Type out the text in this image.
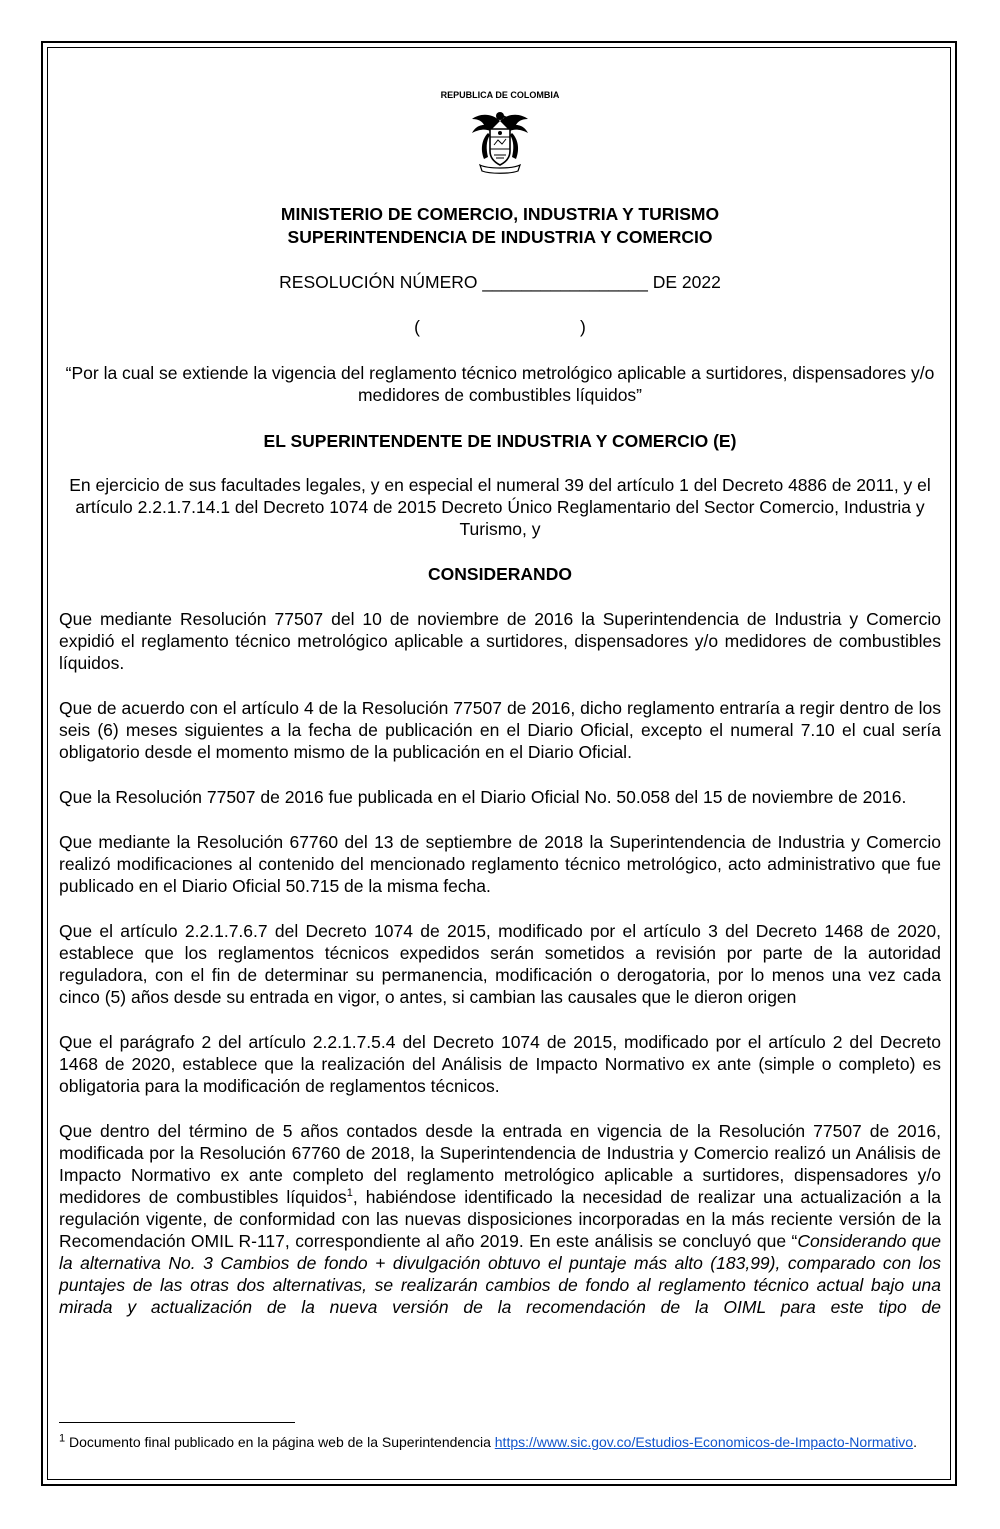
REPUBLICA DE COLOMBIA

MINISTERIO DE COMERCIO, INDUSTRIA Y TURISMO
SUPERINTENDENCIA DE INDUSTRIA Y COMERCIO

RESOLUCIÓN NÚMERO _________________ DE 2022

(	)

“Por la cual se extiende la vigencia del reglamento técnico metrológico aplicable a surtidores, dispensadores y/o medidores de combustibles líquidos”

EL SUPERINTENDENTE DE INDUSTRIA Y COMERCIO (E)

En ejercicio de sus facultades legales, y en especial el numeral 39 del artículo 1 del Decreto 4886 de 2011, y el artículo 2.2.1.7.14.1 del Decreto 1074 de 2015 Decreto Único Reglamentario del Sector Comercio, Industria y Turismo, y

CONSIDERANDO

Que mediante Resolución 77507 del 10 de noviembre de 2016 la Superintendencia de Industria y Comercio expidió el reglamento técnico metrológico aplicable a surtidores, dispensadores y/o medidores de combustibles líquidos.

Que de acuerdo con el artículo 4 de la Resolución 77507 de 2016, dicho reglamento entraría a regir dentro de los seis (6) meses siguientes a la fecha de publicación en el Diario Oficial, excepto el numeral 7.10 el cual sería obligatorio desde el momento mismo de la publicación en el Diario Oficial.

Que la Resolución 77507 de 2016 fue publicada en el Diario Oficial No. 50.058 del 15 de noviembre de 2016.

Que mediante la Resolución 67760 del 13 de septiembre de 2018 la Superintendencia de Industria y Comercio realizó modificaciones al contenido del mencionado reglamento técnico metrológico, acto administrativo que fue publicado en el Diario Oficial 50.715 de la misma fecha.

Que el artículo 2.2.1.7.6.7 del Decreto 1074 de 2015, modificado por el artículo 3 del Decreto 1468 de 2020, establece que los reglamentos técnicos expedidos serán sometidos a revisión por parte de la autoridad reguladora, con el fin de determinar su permanencia, modificación o derogatoria, por lo menos una vez cada cinco (5) años desde su entrada en vigor, o antes, si cambian las causales que le dieron origen

Que el parágrafo 2 del artículo 2.2.1.7.5.4 del Decreto 1074 de 2015, modificado por el artículo 2 del Decreto 1468 de 2020, establece que la realización del Análisis de Impacto Normativo ex ante (simple o completo) es obligatoria para la modificación de reglamentos técnicos.

Que dentro del término de 5 años contados desde la entrada en vigencia de la Resolución 77507 de 2016, modificada por la Resolución 67760 de 2018, la Superintendencia de Industria y Comercio realizó un Análisis de Impacto Normativo ex ante completo del reglamento metrológico aplicable a surtidores, dispensadores y/o medidores de combustibles líquidos$^1$, habiéndose identificado la necesidad de realizar una actualización a la regulación vigente, de conformidad con las nuevas disposiciones incorporadas en la más reciente versión de la Recomendación OMIL R-117, correspondiente al año 2019. En este análisis se concluyó que “Considerando que la alternativa No. 3 Cambios de fondo + divulgación obtuvo el puntaje más alto (183,99), comparado con los puntajes de las otras dos alternativas, se realizarán cambios de fondo al reglamento técnico actual bajo una mirada y actualización de la nueva versión de la recomendación de la OIML para este tipo de

$^1$ Documento final publicado en la página web de la Superintendencia https://www.sic.gov.co/Estudios-Economicos-de-Impacto-Normativo.
